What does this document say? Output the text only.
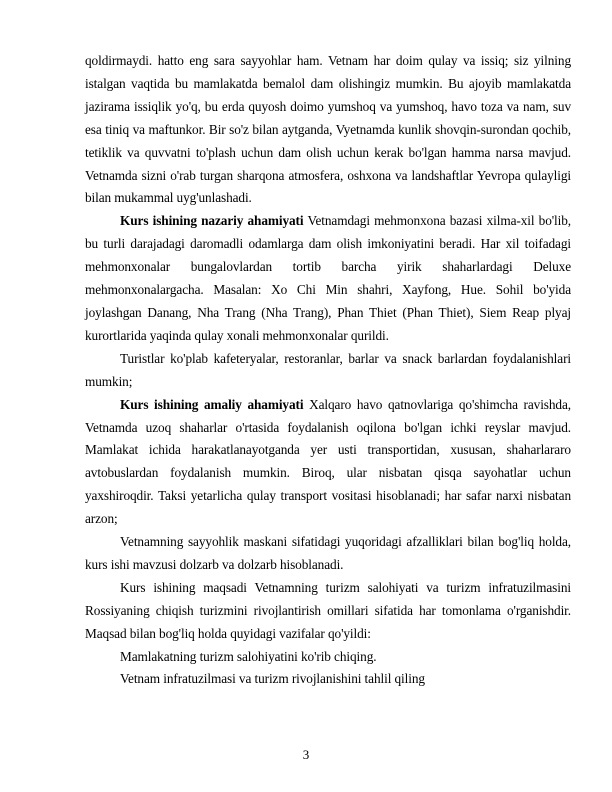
qoldirmaydi. hatto eng sara sayyohlar ham. Vetnam har doim qulay va issiq; siz yilning istalgan vaqtida bu mamlakatda bemalol dam olishingiz mumkin. Bu ajoyib mamlakatda jazirama issiqlik yo'q, bu erda quyosh doimo yumshoq va yumshoq, havo toza va nam, suv esa tiniq va maftunkor. Bir so'z bilan aytganda, Vyetnamda kunlik shovqin-surondan qochib, tetiklik va quvvatni to'plash uchun dam olish uchun kerak bo'lgan hamma narsa mavjud. Vetnamda sizni o'rab turgan sharqona atmosfera, oshxona va landshaftlar Yevropa qulayligi bilan mukammal uyg'unlashadi.

Kurs ishining nazariy ahamiyati Vetnamdagi mehmonxona bazasi xilma-xil bo'lib, bu turli darajadagi daromadli odamlarga dam olish imkoniyatini beradi. Har xil toifadagi mehmonxonalar bungalovlardan tortib barcha yirik shaharlardagi Deluxe mehmonxonalargacha. Masalan: Xo Chi Min shahri, Xayfong, Hue. Sohil bo'yida joylashgan Danang, Nha Trang (Nha Trang), Phan Thiet (Phan Thiet), Siem Reap plyaj kurortlarida yaqinda qulay xonali mehmonxonalar qurildi.

Turistlar ko'plab kafeteryalar, restoranlar, barlar va snack barlardan foydalanishlari mumkin;

Kurs ishining amaliy ahamiyati Xalqaro havo qatnovlariga qo'shimcha ravishda, Vetnamda uzoq shaharlar o'rtasida foydalanish oqilona bo'lgan ichki reyslar mavjud. Mamlakat ichida harakatlanayotganda yer usti transportidan, xususan, shaharlararo avtobuslardan foydalanish mumkin. Biroq, ular nisbatan qisqa sayohatlar uchun yaxshiroqdir. Taksi yetarlicha qulay transport vositasi hisoblanadi; har safar narxi nisbatan arzon;

Vetnamning sayyohlik maskani sifatidagi yuqoridagi afzalliklari bilan bog'liq holda, kurs ishi mavzusi dolzarb va dolzarb hisoblanadi.

Kurs ishining maqsadi Vetnamning turizm salohiyati va turizm infratuzilmasini Rossiyaning chiqish turizmini rivojlantirish omillari sifatida har tomonlama o'rganishdir. Maqsad bilan bog'liq holda quyidagi vazifalar qo'yildi:

Mamlakatning turizm salohiyatini ko'rib chiqing.

Vetnam infratuzilmasi va turizm rivojlanishini tahlil qiling

3
